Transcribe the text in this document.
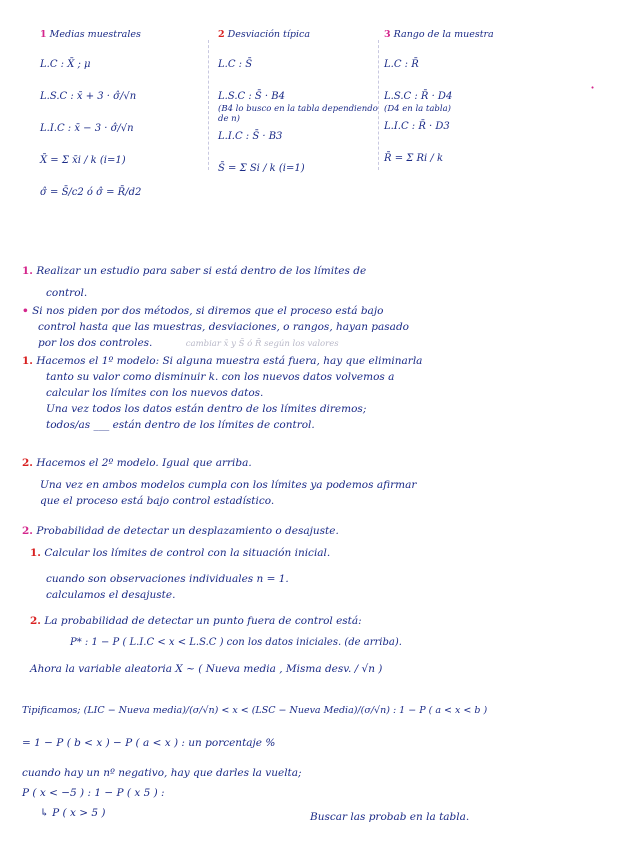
1 Medias muestrales
L.C : X̄ ; μ
L.S.C : x̄ + 3 · σ̂/√n
L.I.C : x̄ − 3 · σ̂/√n
X̄ = Σ x̄i / k (i=1)
σ̂ = S̄/c2 ó σ̂ = R̄/d2
2 Desviación típica
L.C : S̄
L.S.C : S̄ · B4
(B4 lo busco en la tabla dependiendo de n)
L.I.C : S̄ · B3
S̄ = Σ Si / k (i=1)
3 Rango de la muestra
L.C : R̄
L.S.C : R̄ · D4
(D4 en la tabla)
L.I.C : R̄ · D3
R̄ = Σ Ri / k
·
1. Realizar un estudio para saber si está dentro de los límites de
control.
• Si nos piden por dos métodos, si diremos que el proceso está bajo
control hasta que las muestras, desviaciones, o rangos, hayan pasado
por los dos controles.	cambiar x̄ y S̄ ó R̄ según los valores
1. Hacemos el 1º modelo: Si alguna muestra está fuera, hay que eliminarla
tanto su valor como disminuir k. con los nuevos datos volvemos a
calcular los límites con los nuevos datos.
Una vez todos los datos están dentro de los límites diremos;
todos/as ___ están dentro de los límites de control.
2. Hacemos el 2º modelo. Igual que arriba.
Una vez en ambos modelos cumpla con los límites ya podemos afirmar
que el proceso está bajo control estadístico.
2. Probabilidad de detectar un desplazamiento o desajuste.
1. Calcular los límites de control con la situación inicial.
cuando son observaciones individuales n = 1.
calculamos el desajuste.
2. La probabilidad de detectar un punto fuera de control está:
P* : 1 − P ( L.I.C < x < L.S.C ) con los datos iniciales. (de arriba).
Ahora la variable aleatoria X ~ ( Nueva media , Misma desv. / √n )
Tipificamos; (LIC − Nueva media)/(σ/√n) < x < (LSC − Nueva Media)/(σ/√n) : 1 − P ( a < x < b )
= 1 − P ( b < x ) − P ( a < x ) : un porcentaje %
cuando hay un nº negativo, hay que darles la vuelta;
P ( x < −5 ) : 1 − P ( x 5 ) :
↳ P ( x > 5 )	Buscar las probab en la tabla.
